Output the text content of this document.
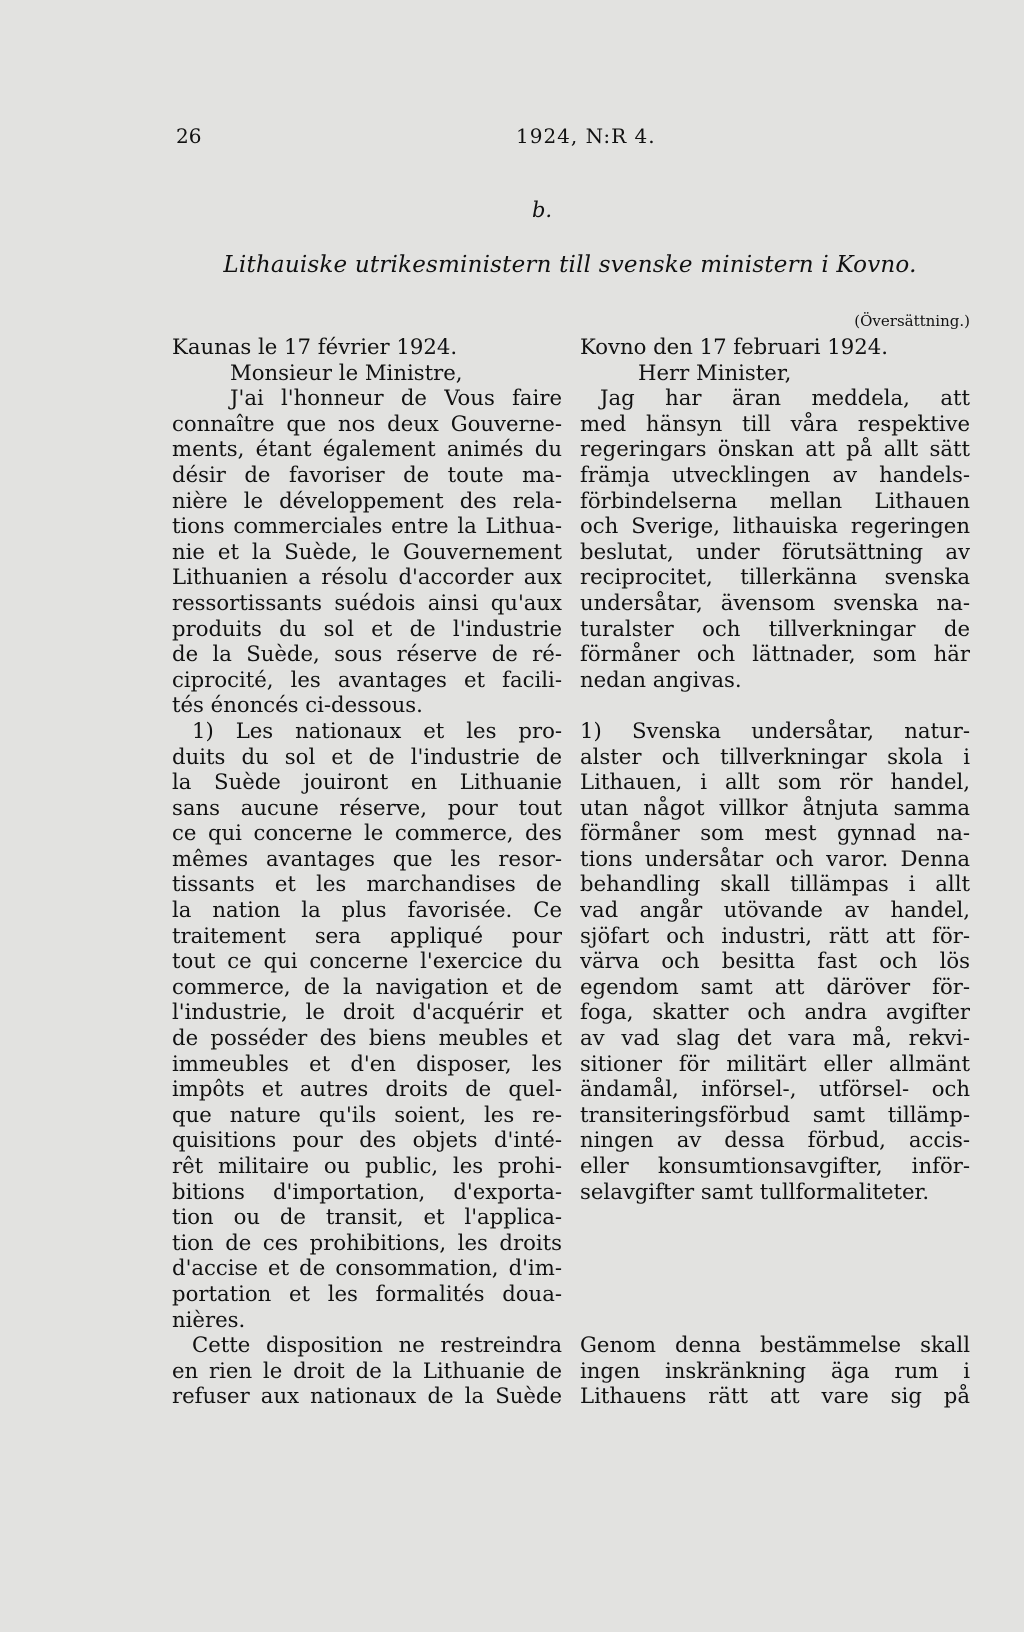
26	1924, N:R 4.
b.
Lithauiske utrikesministern till svenske ministern i Kovno.
Kaunas le 17 février 1924.
Monsieur le Ministre,
J'ai l'honneur de Vous faire
connaître que nos deux Gouverne-
ments, étant également animés du
désir de favoriser de toute ma-
nière le développement des rela-
tions commerciales entre la Lithua-
nie et la Suède, le Gouvernement
Lithuanien a résolu d'accorder aux
ressortissants suédois ainsi qu'aux
produits du sol et de l'industrie
de la Suède, sous réserve de ré-
ciprocité, les avantages et facili-
tés énoncés ci-dessous.
1) Les nationaux et les pro-
duits du sol et de l'industrie de
la Suède jouiront en Lithuanie
sans aucune réserve, pour tout
ce qui concerne le commerce, des
mêmes avantages que les resor-
tissants et les marchandises de
la nation la plus favorisée. Ce
traitement sera appliqué pour
tout ce qui concerne l'exercice du
commerce, de la navigation et de
l'industrie, le droit d'acquérir et
de posséder des biens meubles et
immeubles et d'en disposer, les
impôts et autres droits de quel-
que nature qu'ils soient, les re-
quisitions pour des objets d'inté-
rêt militaire ou public, les prohi-
bitions d'importation, d'exporta-
tion ou de transit, et l'applica-
tion de ces prohibitions, les droits
d'accise et de consommation, d'im-
portation et les formalités doua-
nières.
Cette disposition ne restreindra
en rien le droit de la Lithuanie de
refuser aux nationaux de la Suède
(Översättning.)
Kovno den 17 februari 1924.
Herr Minister,
Jag har äran meddela, att
med hänsyn till våra respektive
regeringars önskan att på allt sätt
främja utvecklingen av handels-
förbindelserna mellan Lithauen
och Sverige, lithauiska regeringen
beslutat, under förutsättning av
reciprocitet, tillerkänna svenska
undersåtar, ävensom svenska na-
turalster och tillverkningar de
förmåner och lättnader, som här
nedan angivas.
1) Svenska undersåtar, natur-
alster och tillverkningar skola i
Lithauen, i allt som rör handel,
utan något villkor åtnjuta samma
förmåner som mest gynnad na-
tions undersåtar och varor. Denna
behandling skall tillämpas i allt
vad angår utövande av handel,
sjöfart och industri, rätt att för-
värva och besitta fast och lös
egendom samt att däröver för-
foga, skatter och andra avgifter
av vad slag det vara må, rekvi-
sitioner för militärt eller allmänt
ändamål, införsel-, utförsel- och
transiteringsförbud samt tillämp-
ningen av dessa förbud, accis-
eller konsumtionsavgifter, inför-
selavgifter samt tullformaliteter.
Genom denna bestämmelse skall
ingen inskränkning äga rum i
Lithauens rätt att vare sig på
